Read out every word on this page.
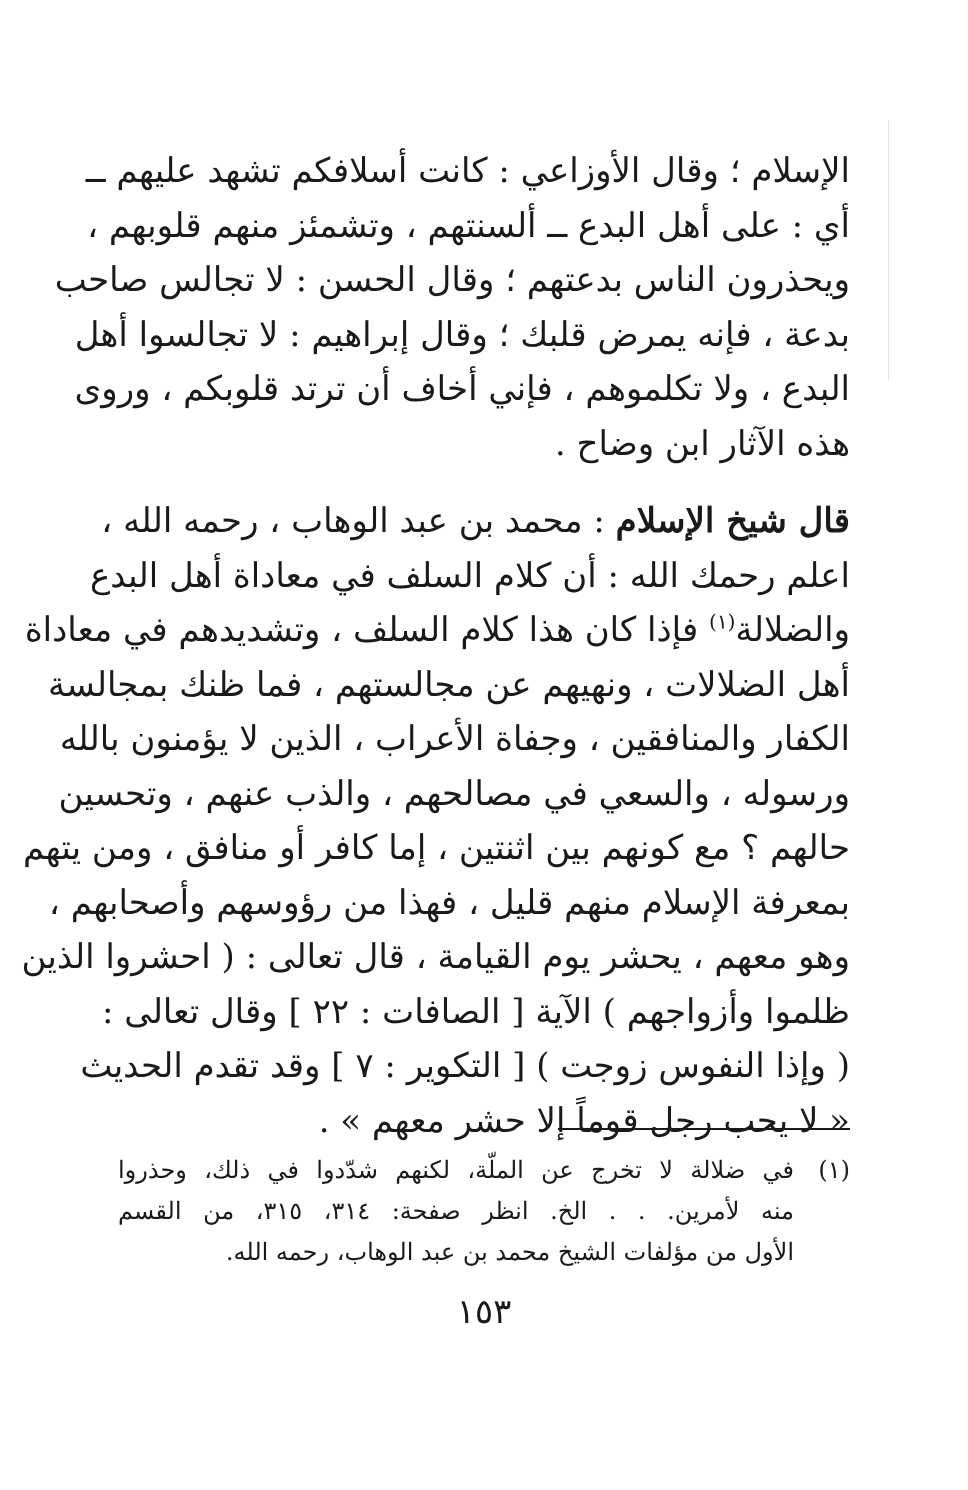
الإسلام ؛ وقال الأوزاعي : كانت أسلافكم تشهد عليهم ــ
أي : على أهل البدع ــ ألسنتهم ، وتشمئز منهم قلوبهم ،
ويحذرون الناس بدعتهم ؛ وقال الحسن : لا تجالس صاحب
بدعة ، فإنه يمرض قلبك ؛ وقال إبراهيم : لا تجالسوا أهل
البدع ، ولا تكلموهم ، فإني أخاف أن ترتد قلوبكم ، وروى
هذه الآثار ابن وضاح .
قال شيخ الإسلام : محمد بن عبد الوهاب ، رحمه الله ،
اعلم رحمك الله : أن كلام السلف في معاداة أهل البدع
والضلالة$^{(١)}$ فإذا كان هذا كلام السلف ، وتشديدهم في معاداة
أهل الضلالات ، ونهيهم عن مجالستهم ، فما ظنك بمجالسة
الكفار والمنافقين ، وجفاة الأعراب ، الذين لا يؤمنون بالله
ورسوله ، والسعي في مصالحهم ، والذب عنهم ، وتحسين
حالهم ؟ مع كونهم بين اثنتين ، إما كافر أو منافق ، ومن يتهم
بمعرفة الإسلام منهم قليل ، فهذا من رؤوسهم وأصحابهم ،
وهو معهم ، يحشر يوم القيامة ، قال تعالى : ( احشروا الذين
ظلموا وأزواجهم ) الآية [ الصافات : ٢٢ ] وقال تعالى :
( وإذا النفوس زوجت ) [ التكوير : ٧ ] وقد تقدم الحديث
« لا يحب رجل قوماً إلا حشر معهم » .
(١)في ضلالة لا تخرج عن الملّة، لكنهم شدّدوا في ذلك، وحذروا
منه لأمرين. . . الخ. انظر صفحة: ٣١٤، ٣١٥، من القسم
الأول من مؤلفات الشيخ محمد بن عبد الوهاب، رحمه الله.
١٥٣
